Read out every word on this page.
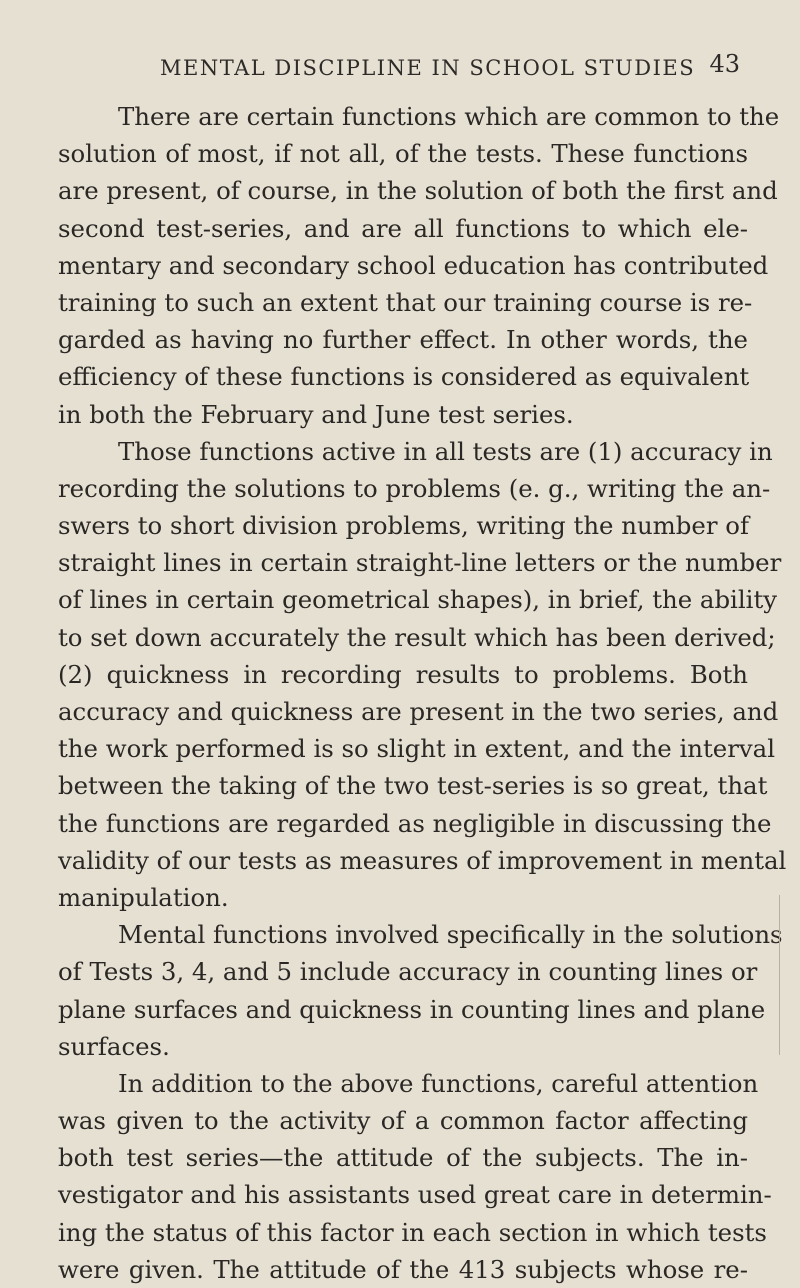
MENTAL DISCIPLINE IN SCHOOL STUDIES 43
There are certain functions which are common to the
solution of most, if not all, of the tests. These functions
are present, of course, in the solution of both the first and
second test-series, and are all functions to which ele-
mentary and secondary school education has contributed
training to such an extent that our training course is re-
garded as having no further effect. In other words, the
efficiency of these functions is considered as equivalent
in both the February and June test series.
Those functions active in all tests are (1) accuracy in
recording the solutions to problems (e. g., writing the an-
swers to short division problems, writing the number of
straight lines in certain straight-line letters or the number
of lines in certain geometrical shapes), in brief, the ability
to set down accurately the result which has been derived;
(2) quickness in recording results to problems. Both
accuracy and quickness are present in the two series, and
the work performed is so slight in extent, and the interval
between the taking of the two test-series is so great, that
the functions are regarded as negligible in discussing the
validity of our tests as measures of improvement in mental
manipulation.
Mental functions involved specifically in the solutions
of Tests 3, 4, and 5 include accuracy in counting lines or
plane surfaces and quickness in counting lines and plane
surfaces.
In addition to the above functions, careful attention
was given to the activity of a common factor affecting
both test series—the attitude of the subjects. The in-
vestigator and his assistants used great care in determin-
ing the status of this factor in each section in which tests
were given. The attitude of the 413 subjects whose re-
